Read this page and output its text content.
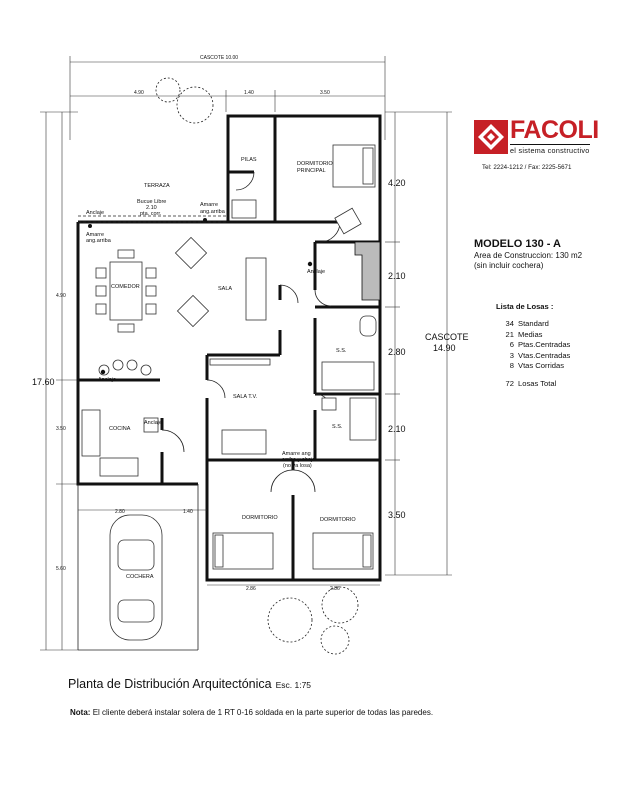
CASCOTE 10.00
4.90	1.40	3.50
4.20
2.10
2.80
2.10
3.50
CASCOTE
14.90
17.60
4.90
3.50
5.60
2.86	2.86
2.80	1.40
TERRAZA
PILAS
DORMITORIO
PRINCIPAL
COMEDOR	SALA
SALA T.V.
COCINA
S.S.
S.S.
DORMITORIO	DORMITORIO
COCHERA
Anclaje
Amarre
ang.arriba
Bucue Libre
2.10
pta. corr.
Amarre
ang.arriba
Anclaje
Anclaje
Anclaje
Amarre ang
arriba y abajo
(no va losa)
FACOLI
el sistema constructivo
Tel: 2224-1212 / Fax: 2225-5671
MODELO 130 - A
Area de Construccion: 130 m2
(sin incluir cochera)
Lista de Losas :
34 Standard
21 Medias
6 Ptas.Centradas
3 Vtas.Centradas
8 Vtas Corridas
72 Losas Total
Planta de Distribución Arquitectónica Esc. 1:75
Nota: El cliente deberá instalar solera de 1 RT 0-16 soldada en la parte superior de todas las paredes.
